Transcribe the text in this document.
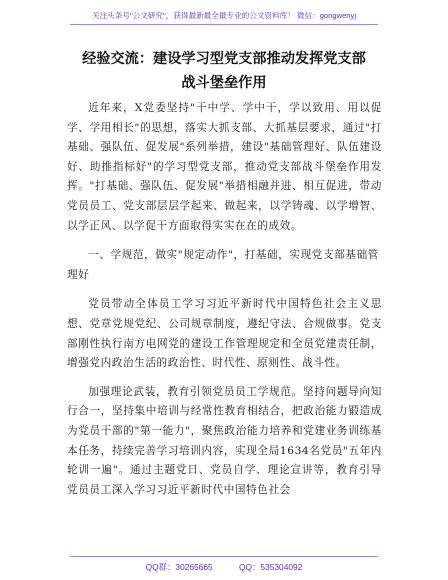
关注头条号"公文研究"，获得最新最全最专业的公文资料库！ 微信：gongwenyj
经验交流：建设学习型党支部推动发挥党支部
战斗堡垒作用

近年来，X党委坚持"干中学、学中干，学以致用、用以促学、学用相长"的思想，落实大抓支部、大抓基层要求，通过"打基础、强队伍、促发展"系列举措，建设"基础管理好、队伍建设好、助推指标好"的学习型党支部，推动党支部战斗堡垒作用发挥。"打基础、强队伍、促发展"举措相融并进、相互促进，带动党员员工、党支部层层学起来、做起来，以学铸魂、以学增智、以学正风、以学促干方面取得实实在在的成效。

一、学规范，做实"规定动作"，打基础，实现党支部基础管理好

党员带动全体员工学习习近平新时代中国特色社会主义思想、党章党规党纪、公司规章制度，遵纪守法、合规做事。党支部刚性执行南方电网党的建设工作管理规定和全员党建责任制，增强党内政治生活的政治性、时代性、原则性、战斗性。

加强理论武装，教育引领党员员工学规范。坚持问题导向知行合一，坚持集中培训与经常性教育相结合，把政治能力锻造成为党员干部的"第一能力"，聚焦政治能力培养和党建业务训练基本任务，持续完善学习培训内容，实现全局1634名党员"五年内轮训一遍"。通过主题党日、党员自学、理论宣讲等，教育引导党员员工深入学习习近平新时代中国特色社会

QQ群：30265665	QQ：535304092
